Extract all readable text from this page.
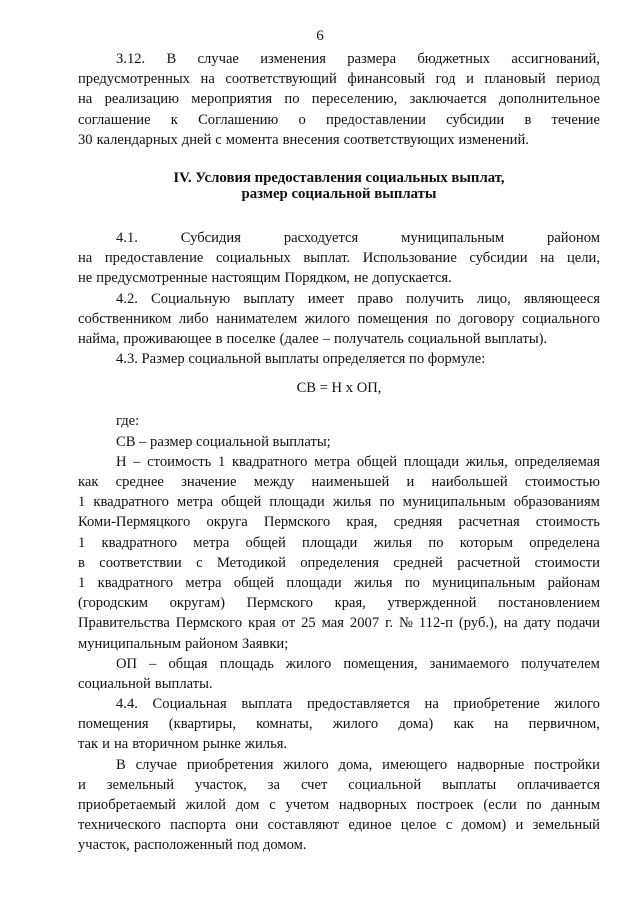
6
3.12. В случае изменения размера бюджетных ассигнований,
предусмотренных на соответствующий финансовый год и плановый период
на реализацию мероприятия по переселению, заключается дополнительное
соглашение к Соглашению о предоставлении субсидии в течение
30 календарных дней с момента внесения соответствующих изменений.
IV. Условия предоставления социальных выплат,
размер социальной выплаты
4.1.	Субсидия	расходуется	муниципальным	районом
на предоставление социальных выплат. Использование субсидии на цели,
не предусмотренные настоящим Порядком, не допускается.
4.2. Социальную выплату имеет право получить лицо, являющееся
собственником либо нанимателем жилого помещения по договору социального
найма, проживающее в поселке (далее – получатель социальной выплаты).
4.3. Размер социальной выплаты определяется по формуле:
СВ = Н х ОП,
где:
СВ – размер социальной выплаты;
Н – стоимость 1 квадратного метра общей площади жилья, определяемая
как среднее значение между наименьшей и наибольшей стоимостью
1 квадратного метра общей площади жилья по муниципальным образованиям
Коми-Пермяцкого округа Пермского края, средняя расчетная стоимость
1 квадратного метра общей площади жилья по которым определена
в соответствии с Методикой определения средней расчетной стоимости
1 квадратного метра общей площади жилья по муниципальным районам
(городским округам) Пермского края, утвержденной постановлением
Правительства Пермского края от 25 мая 2007 г. № 112-п (руб.), на дату подачи
муниципальным районом Заявки;
ОП – общая площадь жилого помещения, занимаемого получателем
социальной выплаты.
4.4. Социальная выплата предоставляется на приобретение жилого
помещения (квартиры, комнаты, жилого дома) как на первичном,
так и на вторичном рынке жилья.
В случае приобретения жилого дома, имеющего надворные постройки
и земельный участок, за счет социальной выплаты оплачивается
приобретаемый жилой дом с учетом надворных построек (если по данным
технического паспорта они составляют единое целое с домом) и земельный
участок, расположенный под домом.
